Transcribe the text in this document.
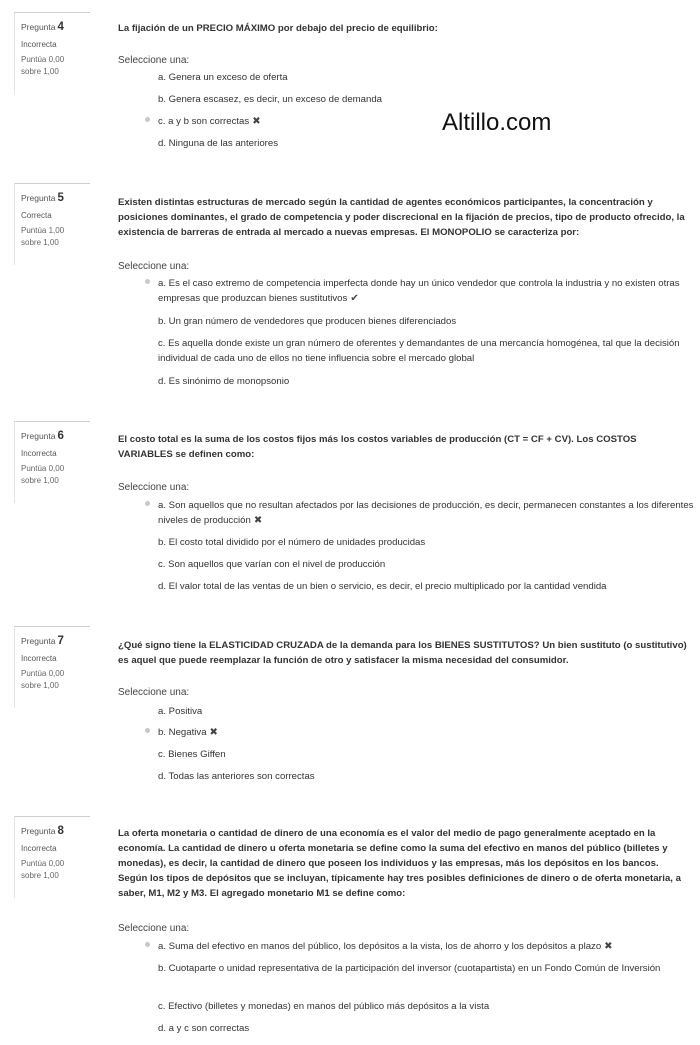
Altillo.com
Pregunta 4
Incorrecta
Puntúa 0,00
sobre 1,00
La fijación de un PRECIO MÁXIMO por debajo del precio de equilibrio:
Seleccione una:
a. Genera un exceso de oferta
b. Genera escasez, es decir, un exceso de demanda
c. a y b son correctas ✖
d. Ninguna de las anteriores
Pregunta 5
Correcta
Puntúa 1,00
sobre 1,00
Existen distintas estructuras de mercado según la cantidad de agentes económicos participantes, la concentración y posiciones dominantes, el grado de competencia y poder discrecional en la fijación de precios, tipo de producto ofrecido, la existencia de barreras de entrada al mercado a nuevas empresas. El MONOPOLIO se caracteriza por:
Seleccione una:
a. Es el caso extremo de competencia imperfecta donde hay un único vendedor que controla la industria y no existen otras empresas que produzcan bienes sustitutivos ✔
b. Un gran número de vendedores que producen bienes diferenciados
c. Es aquella donde existe un gran número de oferentes y demandantes de una mercancía homogénea, tal que la decisión individual de cada uno de ellos no tiene influencia sobre el mercado global
d. Es sinónimo de monopsonio
Pregunta 6
Incorrecta
Puntúa 0,00
sobre 1,00
El costo total es la suma de los costos fijos más los costos variables de producción (CT = CF + CV). Los COSTOS VARIABLES se definen como:
Seleccione una:
a. Son aquellos que no resultan afectados por las decisiones de producción, es decir, permanecen constantes a los diferentes niveles de producción ✖
b. El costo total dividido por el número de unidades producidas
c. Son aquellos que varían con el nivel de producción
d. El valor total de las ventas de un bien o servicio, es decir, el precio multiplicado por la cantidad vendida
Pregunta 7
Incorrecta
Puntúa 0,00
sobre 1,00
¿Qué signo tiene la ELASTICIDAD CRUZADA de la demanda para los BIENES SUSTITUTOS? Un bien sustituto (o sustitutivo) es aquel que puede reemplazar la función de otro y satisfacer la misma necesidad del consumidor.
Seleccione una:
a. Positiva
b. Negativa ✖
c. Bienes Giffen
d. Todas las anteriores son correctas
Pregunta 8
Incorrecta
Puntúa 0,00
sobre 1,00
La oferta monetaria o cantidad de dinero de una economía es el valor del medio de pago generalmente aceptado en la economía. La cantidad de dinero u oferta monetaria se define como la suma del efectivo en manos del público (billetes y monedas), es decir, la cantidad de dinero que poseen los individuos y las empresas, más los depósitos en los bancos. Según los tipos de depósitos que se incluyan, típicamente hay tres posibles definiciones de dinero o de oferta monetaria, a saber, M1, M2 y M3. El agregado monetario M1 se define como:
Seleccione una:
a. Suma del efectivo en manos del público, los depósitos a la vista, los de ahorro y los depósitos a plazo ✖
b. Cuotaparte o unidad representativa de la participación del inversor (cuotapartista) en un Fondo Común de Inversión
c. Efectivo (billetes y monedas) en manos del público más depósitos a la vista
d. a y c son correctas
